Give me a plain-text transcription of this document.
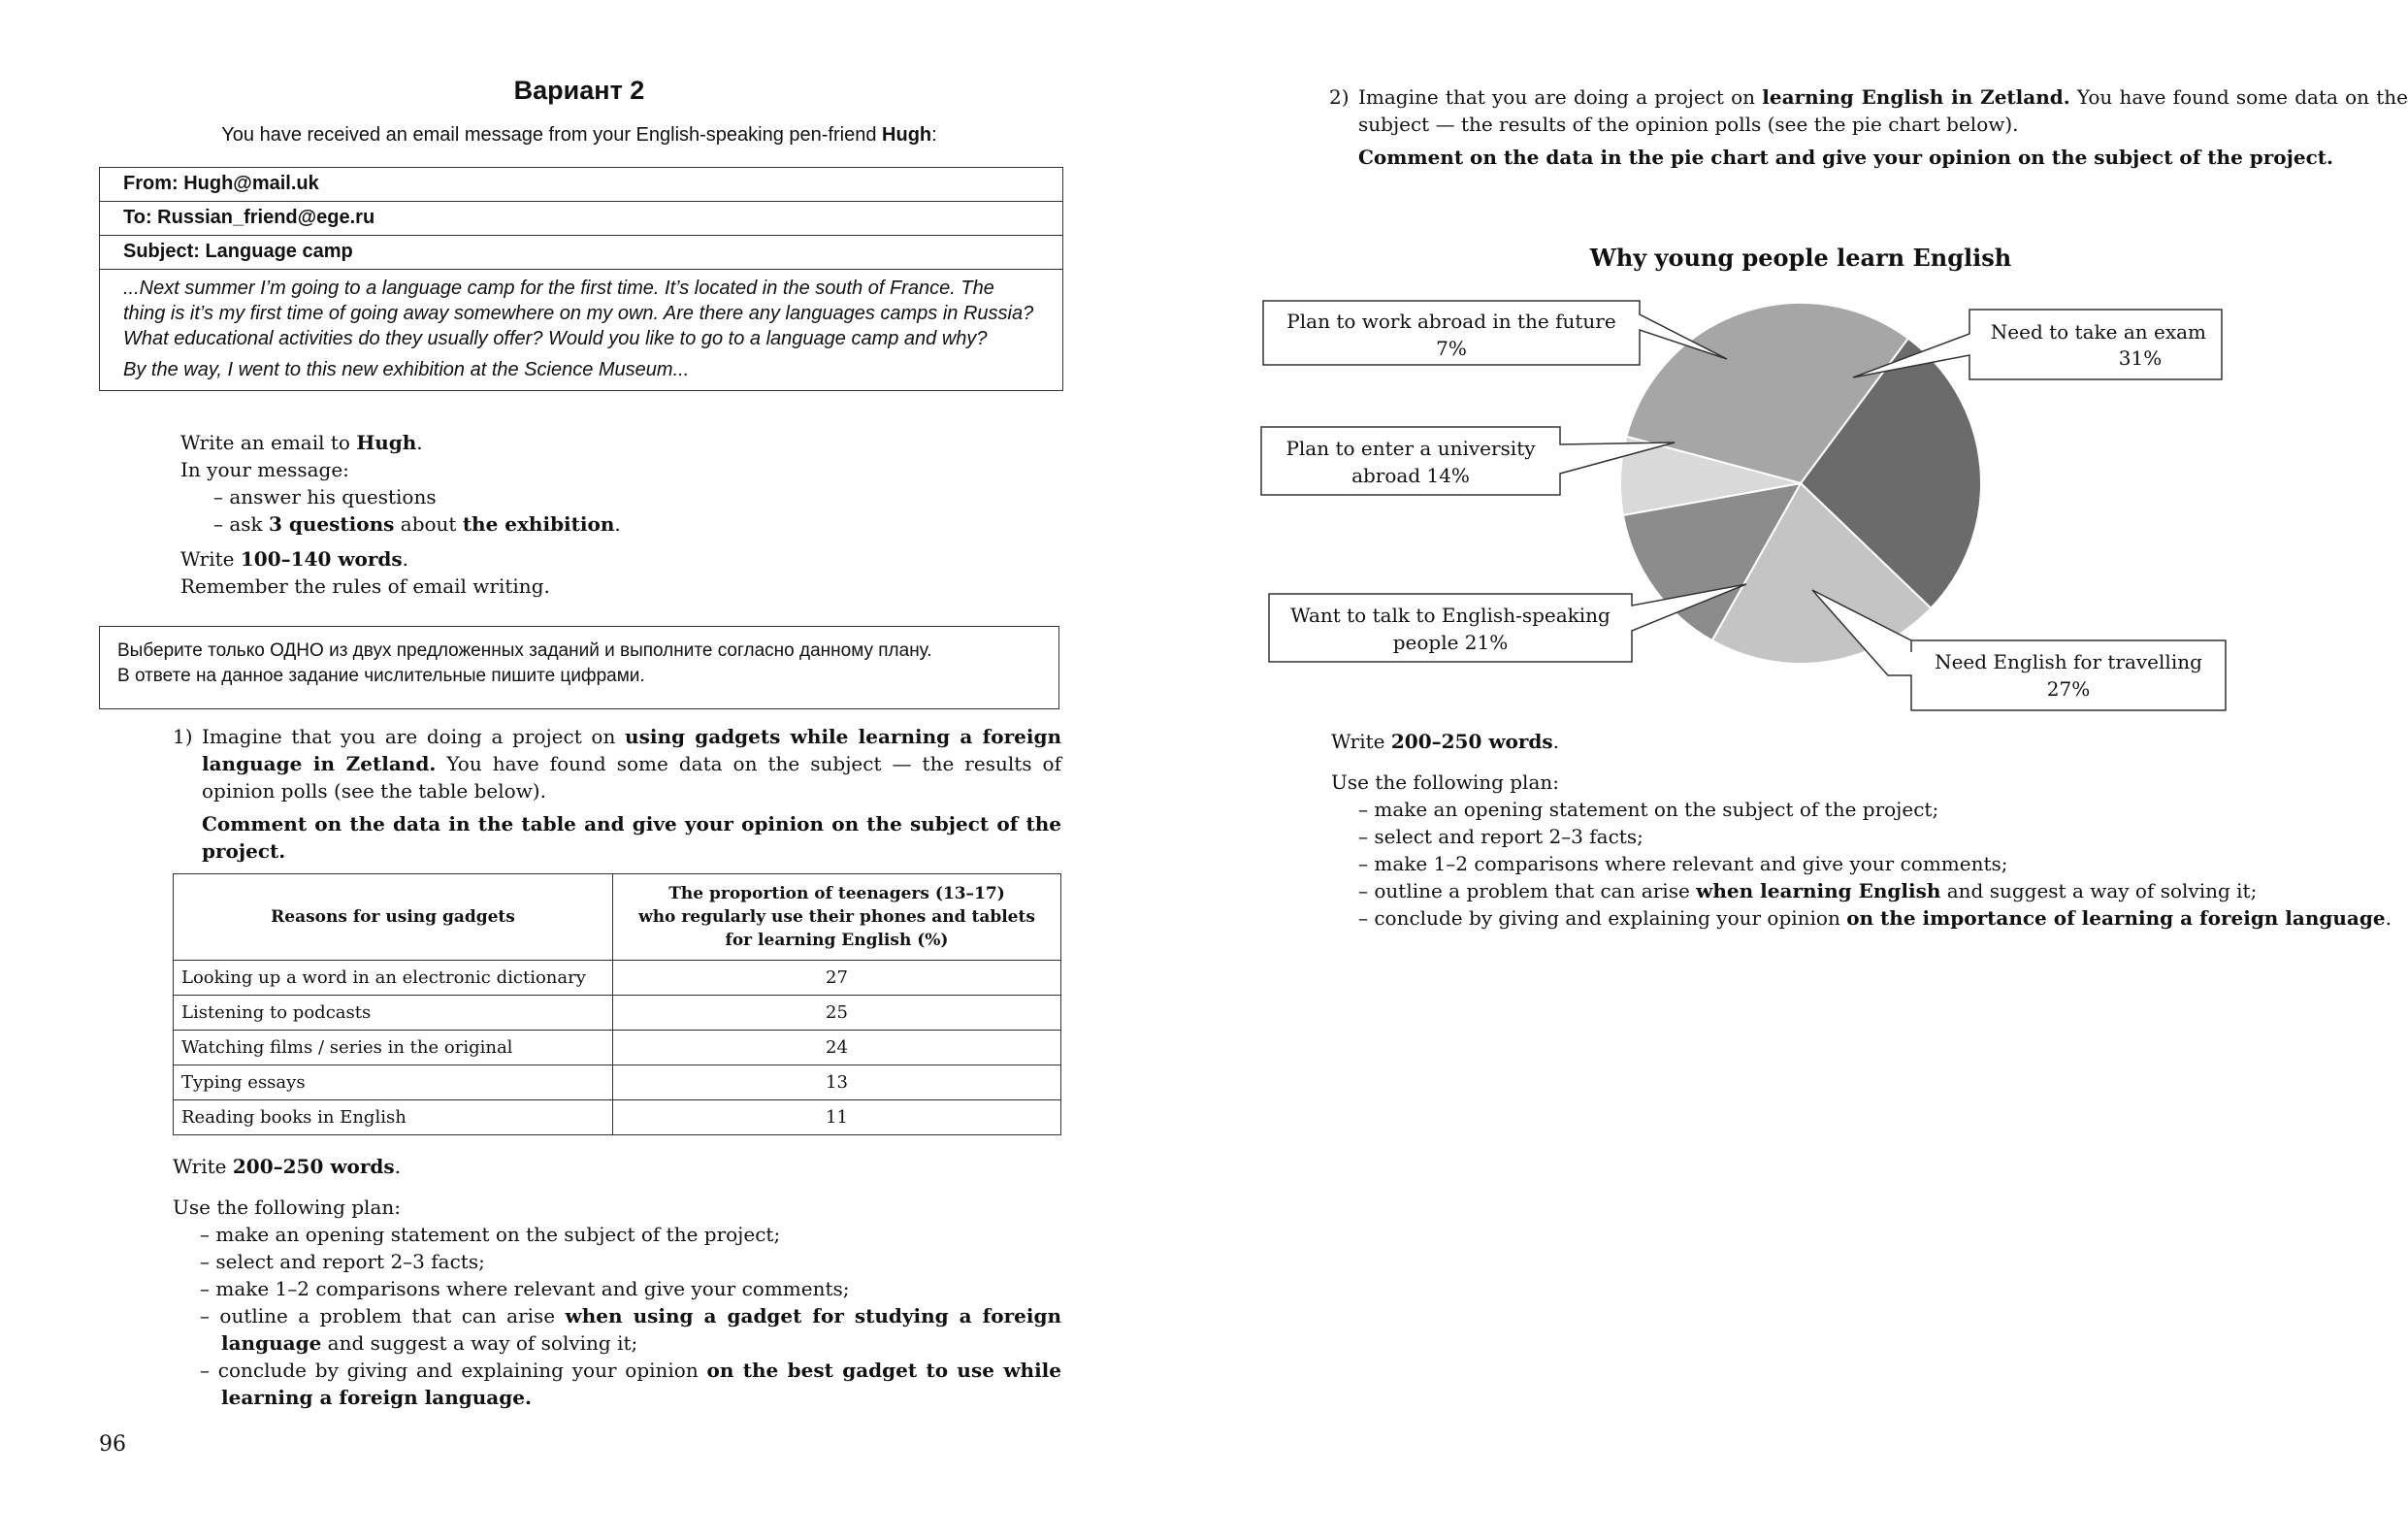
Вариант 2
You have received an email message from your English-speaking pen-friend Hugh:
From: Hugh@mail.uk
To: Russian_friend@ege.ru
Subject: Language camp

...Next summer I’m going to a language camp for the first time. It’s located in the south of France. The thing is it’s my first time of going away somewhere on my own. Are there any languages camps in Russia? What educational activities do they usually offer? Would you like to go to a language camp and why?

By the way, I went to this new exhibition at the Science Museum...

Write an email to Hugh.

In your message:

– answer his questions
– ask 3 questions about the exhibition.

Write 100–140 words.

Remember the rules of email writing.

Выберите только ОДНО из двух предложенных заданий и выполните согласно данному плану.
В ответе на данное задание числительные пишите цифрами.
1) Imagine that you are doing a project on using gadgets while learning a foreign language in Zetland. You have found some data on the subject — the results of opinion polls (see the table below).

Comment on the data in the table and give your opinion on the subject of the project.

Reasons for using gadgets	The proportion of teenagers (13–17)
who regularly use their phones and tablets
for learning English (%)

Looking up a word in an electronic dictionary	27
Listening to podcasts	25
Watching films / series in the original	24
Typing essays	13
Reading books in English	11

Write 200–250 words.

Use the following plan:

– make an opening statement on the subject of the project;
– select and report 2–3 facts;
– make 1–2 comparisons where relevant and give your comments;
– outline a problem that can arise when using a gadget for studying a foreign language and suggest a way of solving it;
– conclude by giving and explaining your opinion on the best gadget to use while learning a foreign language.
96
2) Imagine that you are doing a project on learning English in Zetland. You have found some data on the subject — the results of the opinion polls (see the pie chart below).

Comment on the data in the pie chart and give your opinion on the subject of the project.

Why young people learn English
Need to take an exam
31%
Need English for travelling
27%
Want to talk to English-speaking
people 21%
Plan to enter a university
abroad 14%
Plan to work abroad in the future
7%

Write 200–250 words.

Use the following plan:

– make an opening statement on the subject of the project;
– select and report 2–3 facts;
– make 1–2 comparisons where relevant and give your comments;
– outline a problem that can arise when learning English and suggest a way of solving it;
– conclude by giving and explaining your opinion on the importance of learning a foreign language.
